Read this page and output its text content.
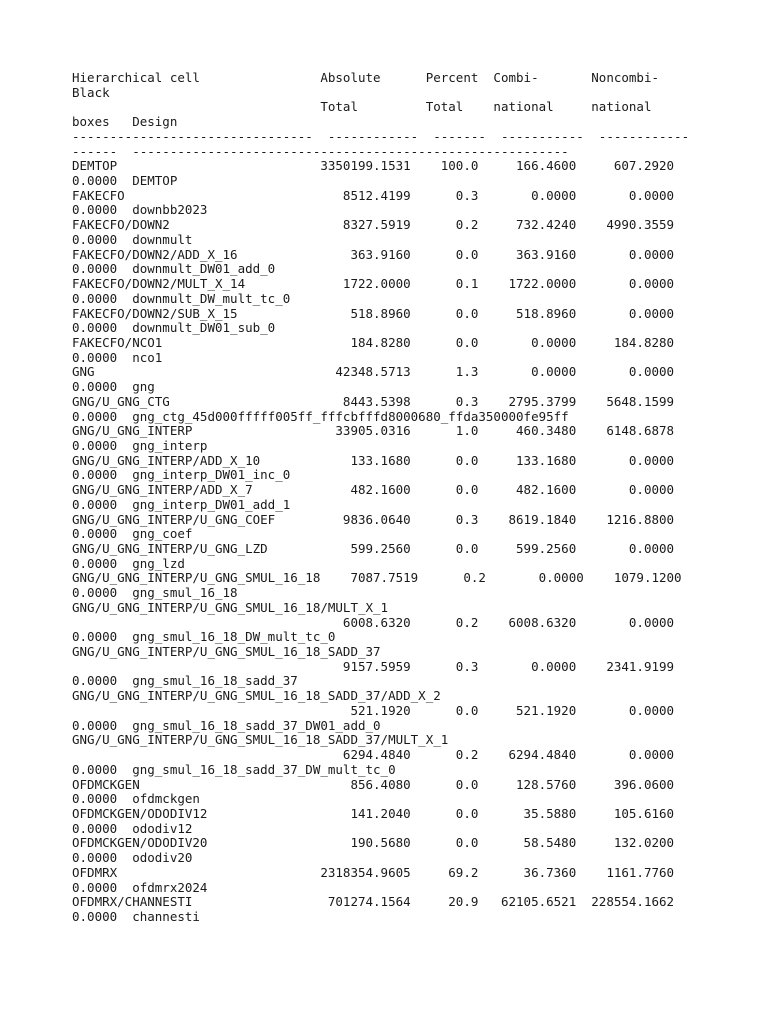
Hierarchical cell                Absolute      Percent  Combi-       Noncombi-
Black
Total         Total    national     national
boxes   Design
--------------------------------  ------------  -------  -----------  ------------
------  ----------------------------------------------------------
DEMTOP                           3350199.1531    100.0     166.4600     607.2920
0.0000  DEMTOP
FAKECFO                             8512.4199      0.3       0.0000       0.0000
0.0000  downbb2023
FAKECFO/DOWN2                       8327.5919      0.2     732.4240    4990.3559
0.0000  downmult
FAKECFO/DOWN2/ADD_X_16               363.9160      0.0     363.9160       0.0000
0.0000  downmult_DW01_add_0
FAKECFO/DOWN2/MULT_X_14             1722.0000      0.1    1722.0000       0.0000
0.0000  downmult_DW_mult_tc_0
FAKECFO/DOWN2/SUB_X_15               518.8960      0.0     518.8960       0.0000
0.0000  downmult_DW01_sub_0
FAKECFO/NCO1                         184.8280      0.0       0.0000     184.8280
0.0000  nco1
GNG                                42348.5713      1.3       0.0000       0.0000
0.0000  gng
GNG/U_GNG_CTG                       8443.5398      0.3    2795.3799    5648.1599
0.0000  gng_ctg_45d000fffff005ff_fffcbfffd8000680_ffda350000fe95ff
GNG/U_GNG_INTERP                   33905.0316      1.0     460.3480    6148.6878
0.0000  gng_interp
GNG/U_GNG_INTERP/ADD_X_10            133.1680      0.0     133.1680       0.0000
0.0000  gng_interp_DW01_inc_0
GNG/U_GNG_INTERP/ADD_X_7             482.1600      0.0     482.1600       0.0000
0.0000  gng_interp_DW01_add_1
GNG/U_GNG_INTERP/U_GNG_COEF         9836.0640      0.3    8619.1840    1216.8800
0.0000  gng_coef
GNG/U_GNG_INTERP/U_GNG_LZD           599.2560      0.0     599.2560       0.0000
0.0000  gng_lzd
GNG/U_GNG_INTERP/U_GNG_SMUL_16_18    7087.7519      0.2       0.0000    1079.1200
0.0000  gng_smul_16_18
GNG/U_GNG_INTERP/U_GNG_SMUL_16_18/MULT_X_1
6008.6320      0.2    6008.6320       0.0000
0.0000  gng_smul_16_18_DW_mult_tc_0
GNG/U_GNG_INTERP/U_GNG_SMUL_16_18_SADD_37
9157.5959      0.3       0.0000    2341.9199
0.0000  gng_smul_16_18_sadd_37
GNG/U_GNG_INTERP/U_GNG_SMUL_16_18_SADD_37/ADD_X_2
521.1920      0.0     521.1920       0.0000
0.0000  gng_smul_16_18_sadd_37_DW01_add_0
GNG/U_GNG_INTERP/U_GNG_SMUL_16_18_SADD_37/MULT_X_1
6294.4840      0.2    6294.4840       0.0000
0.0000  gng_smul_16_18_sadd_37_DW_mult_tc_0
OFDMCKGEN                            856.4080      0.0     128.5760     396.0600
0.0000  ofdmckgen
OFDMCKGEN/ODODIV12                   141.2040      0.0      35.5880     105.6160
0.0000  ododiv12
OFDMCKGEN/ODODIV20                   190.5680      0.0      58.5480     132.0200
0.0000  ododiv20
OFDMRX                           2318354.9605     69.2      36.7360    1161.7760
0.0000  ofdmrx2024
OFDMRX/CHANNESTI                  701274.1564     20.9   62105.6521  228554.1662
0.0000  channesti
